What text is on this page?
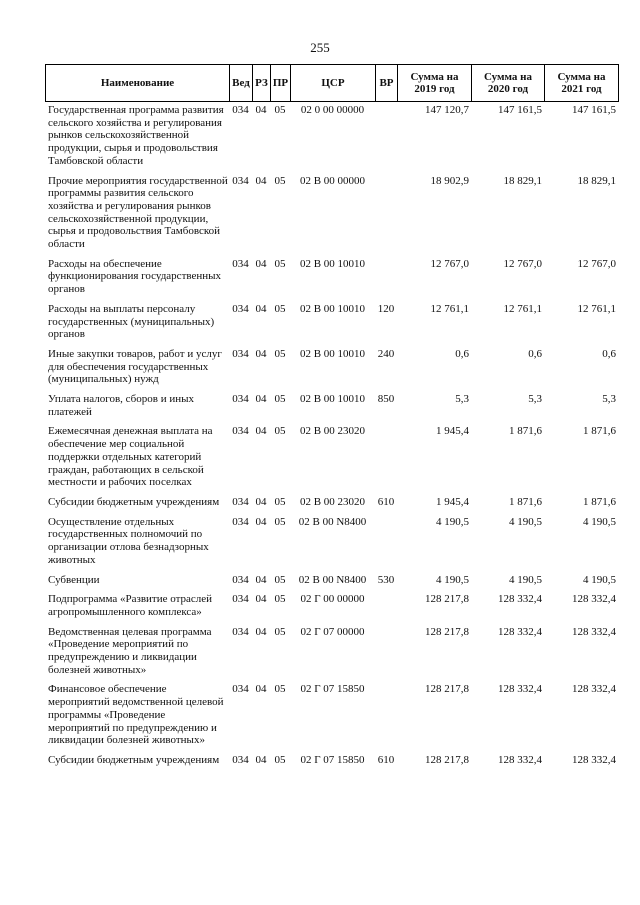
255
Наименование	Вед	РЗ	ПР	ЦСР	ВР	Сумма на 2019 год	Сумма на 2020 год	Сумма на 2021 год
Государственная программа развития сельского хозяйства и регулирования рынков сельскохозяйственной продукции, сырья и продовольствия Тамбовской области	034	04	05	02 0 00 00000		147 120,7	147 161,5	147 161,5
Прочие мероприятия государственной программы развития сельского хозяйства и регулирования рынков сельскохозяйственной продукции, сырья и продовольствия Тамбовской области	034	04	05	02 В 00 00000		18 902,9	18 829,1	18 829,1
Расходы на обеспечение функционирования государственных органов	034	04	05	02 В 00 10010		12 767,0	12 767,0	12 767,0
Расходы на выплаты персоналу государственных (муниципальных) органов	034	04	05	02 В 00 10010	120	12 761,1	12 761,1	12 761,1
Иные закупки товаров, работ и услуг для обеспечения государственных (муниципальных) нужд	034	04	05	02 В 00 10010	240	0,6	0,6	0,6
Уплата налогов, сборов и иных платежей	034	04	05	02 В 00 10010	850	5,3	5,3	5,3
Ежемесячная денежная выплата на обеспечение мер социальной поддержки отдельных категорий граждан, работающих в сельской местности и рабочих поселках	034	04	05	02 В 00 23020		1 945,4	1 871,6	1 871,6
Субсидии бюджетным учреждениям	034	04	05	02 В 00 23020	610	1 945,4	1 871,6	1 871,6
Осуществление отдельных государственных полномочий по организации отлова безнадзорных животных	034	04	05	02 В 00 N8400		4 190,5	4 190,5	4 190,5
Субвенции	034	04	05	02 В 00 N8400	530	4 190,5	4 190,5	4 190,5
Подпрограмма «Развитие отраслей агропромышленного комплекса»	034	04	05	02 Г 00 00000		128 217,8	128 332,4	128 332,4
Ведомственная целевая программа «Проведение мероприятий по предупреждению и ликвидации болезней животных»	034	04	05	02 Г 07 00000		128 217,8	128 332,4	128 332,4
Финансовое обеспечение мероприятий ведомственной целевой программы «Проведение мероприятий по предупреждению и ликвидации болезней животных»	034	04	05	02 Г 07 15850		128 217,8	128 332,4	128 332,4
Субсидии бюджетным учреждениям	034	04	05	02 Г 07 15850	610	128 217,8	128 332,4	128 332,4
